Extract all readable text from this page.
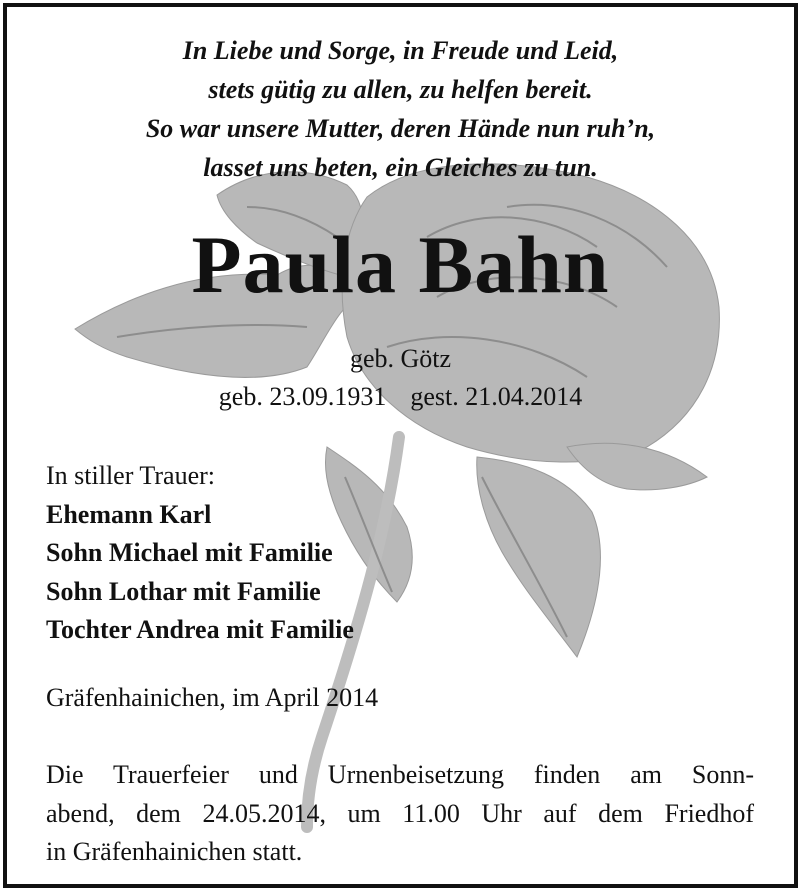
In Liebe und Sorge, in Freude und Leid,
stets gütig zu allen, zu helfen bereit.
So war unsere Mutter, deren Hände nun ruh’n,
lasset uns beten, ein Gleiches zu tun.
Paula Bahn
geb. Götz
geb. 23.09.1931 gest. 21.04.2014
In stiller Trauer:
Ehemann Karl
Sohn Michael mit Familie
Sohn Lothar mit Familie
Tochter Andrea mit Familie
Gräfenhainichen, im April 2014
Die Trauerfeier und Urnenbeisetzung finden am Sonn-
abend, dem 24.05.2014, um 11.00 Uhr auf dem Friedhof
in Gräfenhainichen statt.
